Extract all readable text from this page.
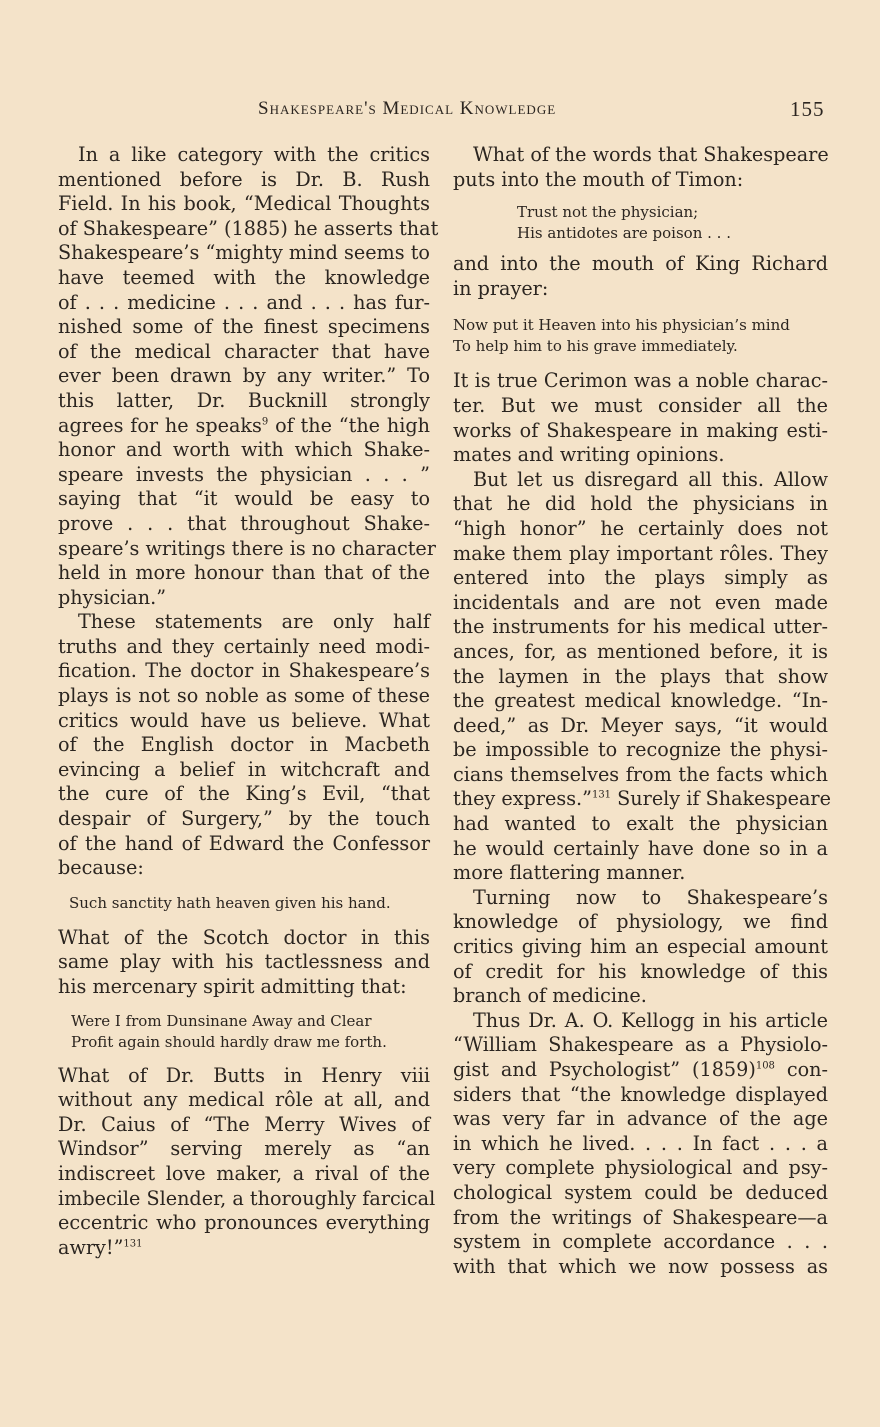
Shakespeare's Medical Knowledge	155
In a like category with the critics
mentioned before is Dr. B. Rush
Field. In his book, “Medical Thoughts
of Shakespeare” (1885) he asserts that
Shakespeare’s “mighty mind seems to
have teemed with the knowledge
of . . . medicine . . . and . . . has fur-
nished some of the finest specimens
of the medical character that have
ever been drawn by any writer.” To
this latter, Dr. Bucknill strongly
agrees for he speaks$^9$ of the “the high
honor and worth with which Shake-
speare invests the physician . . . ”
saying that “it would be easy to
prove . . . that throughout Shake-
speare’s writings there is no character
held in more honour than that of the
physician.”
These statements are only half
truths and they certainly need modi-
fication. The doctor in Shakespeare’s
plays is not so noble as some of these
critics would have us believe. What
of the English doctor in Macbeth
evincing a belief in witchcraft and
the cure of the King’s Evil, “that
despair of Surgery,” by the touch
of the hand of Edward the Confessor
because:
Such sanctity hath heaven given his hand.
What of the Scotch doctor in this
same play with his tactlessness and
his mercenary spirit admitting that:
Were I from Dunsinane Away and Clear
Profit again should hardly draw me forth.
What of Dr. Butts in Henry viii
without any medical rôle at all, and
Dr. Caius of “The Merry Wives of
Windsor” serving merely as “an
indiscreet love maker, a rival of the
imbecile Slender, a thoroughly farcical
eccentric who pronounces everything
awry!”$^{131}$
What of the words that Shakespeare
puts into the mouth of Timon:
Trust not the physician;
His antidotes are poison . . .
and into the mouth of King Richard
in prayer:
Now put it Heaven into his physician’s mind
To help him to his grave immediately.
It is true Cerimon was a noble charac-
ter. But we must consider all the
works of Shakespeare in making esti-
mates and writing opinions.
But let us disregard all this. Allow
that he did hold the physicians in
“high honor” he certainly does not
make them play important rôles. They
entered into the plays simply as
incidentals and are not even made
the instruments for his medical utter-
ances, for, as mentioned before, it is
the laymen in the plays that show
the greatest medical knowledge. “In-
deed,” as Dr. Meyer says, “it would
be impossible to recognize the physi-
cians themselves from the facts which
they express.”$^{131}$ Surely if Shakespeare
had wanted to exalt the physician
he would certainly have done so in a
more flattering manner.
Turning now to Shakespeare’s
knowledge of physiology, we find
critics giving him an especial amount
of credit for his knowledge of this
branch of medicine.
Thus Dr. A. O. Kellogg in his article
“William Shakespeare as a Physiolo-
gist and Psychologist” $(1859)^{108}$ con-
siders that “the knowledge displayed
was very far in advance of the age
in which he lived. . . . In fact . . . a
very complete physiological and psy-
chological system could be deduced
from the writings of Shakespeare—a
system in complete accordance . . .
with that which we now possess as
